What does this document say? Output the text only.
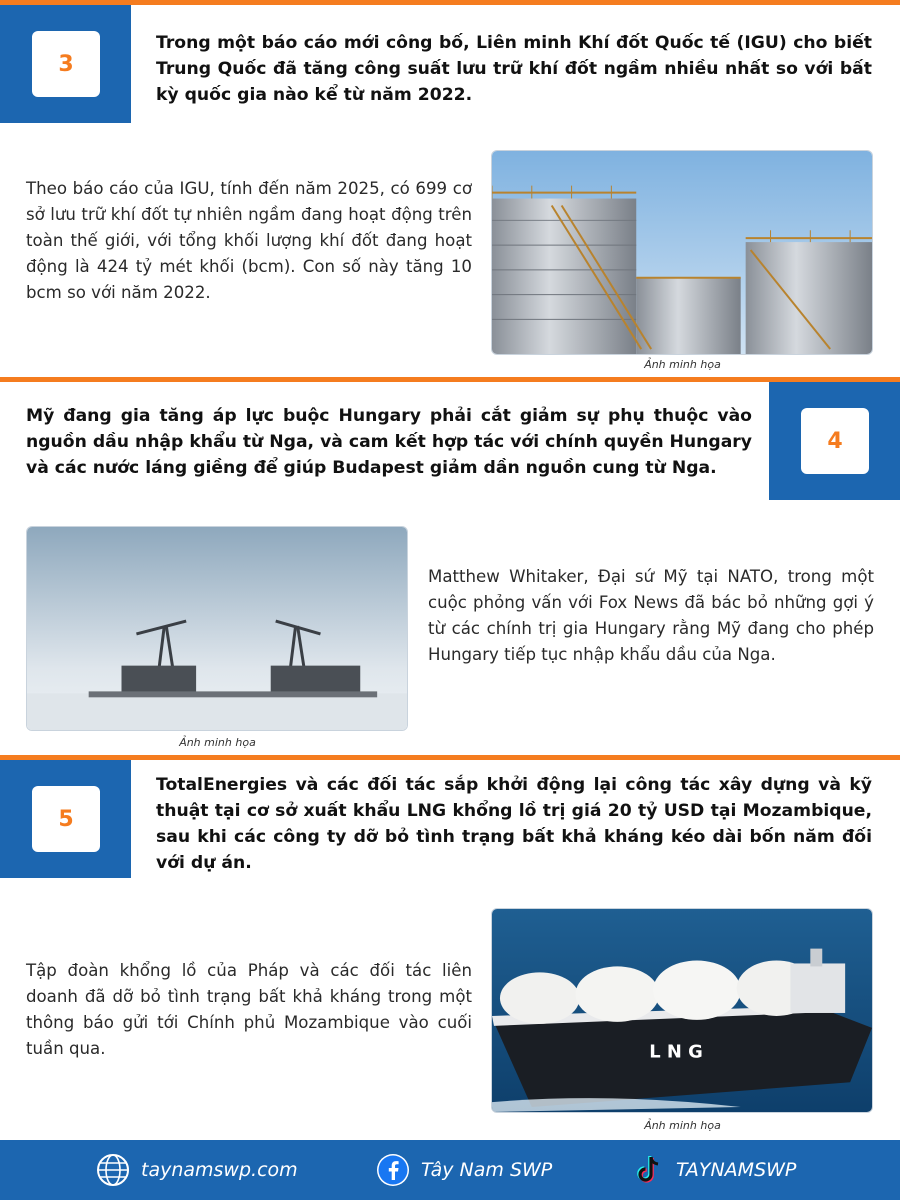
3
Trong một báo cáo mới công bố, Liên minh Khí đốt Quốc tế (IGU) cho biết Trung Quốc đã tăng công suất lưu trữ khí đốt ngầm nhiều nhất so với bất kỳ quốc gia nào kể từ năm 2022.
Theo báo cáo của IGU, tính đến năm 2025, có 699 cơ sở lưu trữ khí đốt tự nhiên ngầm đang hoạt động trên toàn thế giới, với tổng khối lượng khí đốt đang hoạt động là 424 tỷ mét khối (bcm). Con số này tăng 10 bcm so với năm 2022.
Ảnh minh họa
4
Mỹ đang gia tăng áp lực buộc Hungary phải cắt giảm sự phụ thuộc vào nguồn dầu nhập khẩu từ Nga, và cam kết hợp tác với chính quyền Hungary và các nước láng giềng để giúp Budapest giảm dần nguồn cung từ Nga.
Ảnh minh họa
Matthew Whitaker, Đại sứ Mỹ tại NATO, trong một cuộc phỏng vấn với Fox News đã bác bỏ những gợi ý từ các chính trị gia Hungary rằng Mỹ đang cho phép Hungary tiếp tục nhập khẩu dầu của Nga.
5
TotalEnergies và các đối tác sắp khởi động lại công tác xây dựng và kỹ thuật tại cơ sở xuất khẩu LNG khổng lồ trị giá 20 tỷ USD tại Mozambique, sau khi các công ty dỡ bỏ tình trạng bất khả kháng kéo dài bốn năm đối với dự án.
Tập đoàn khổng lồ của Pháp và các đối tác liên doanh đã dỡ bỏ tình trạng bất khả kháng trong một thông báo gửi tới Chính phủ Mozambique vào cuối tuần qua.	L N G
Ảnh minh họa
taynamswp.com	Tây Nam SWP	TAYNAMSWP
